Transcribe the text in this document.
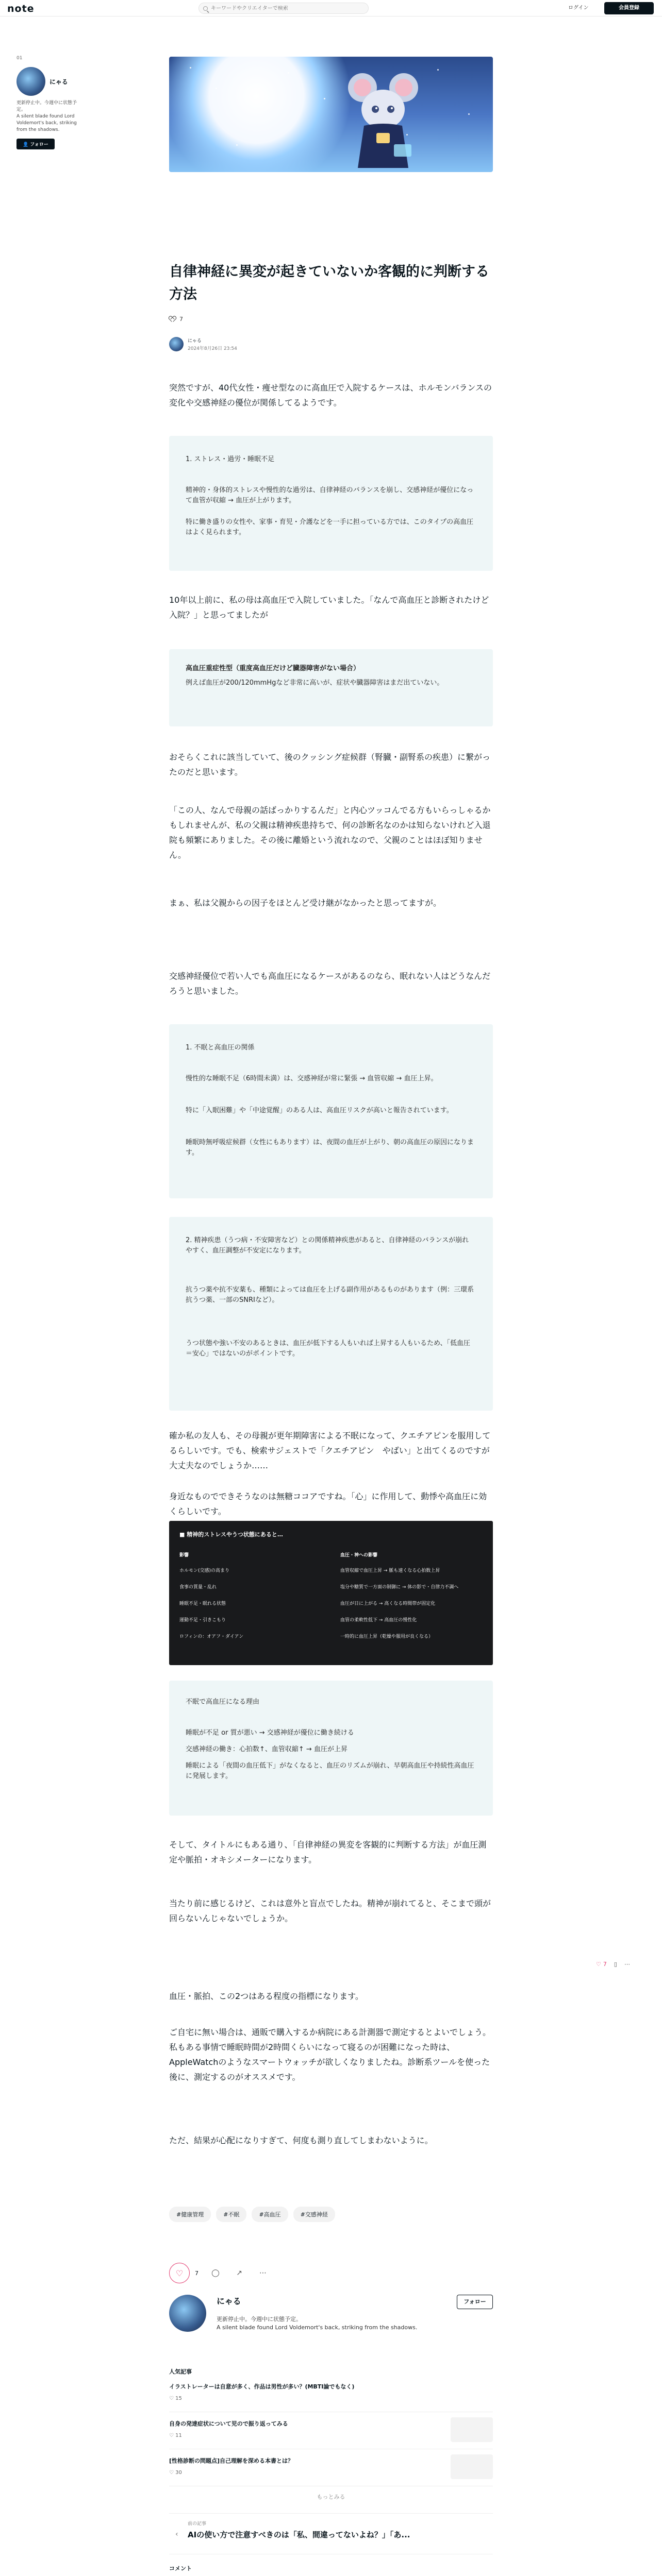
note
キーワードやクリエイターで検索	ログイン	会員登録
01
にゃる
更新停止中。今週中に状態予定。
A silent blade found Lord Voldemort's back, striking from the shadows.
👤 フォロー
自律神経に異変が起きていないか客観的に判断する方法
7
にゃる
2024年8月26日 23:54
突然ですが、40代女性・痩せ型なのに高血圧で入院するケースは、ホルモンバランスの変化や交感神経の優位が関係してるようです。
1. ストレス・過労・睡眠不足
精神的・身体的ストレスや慢性的な過労は、自律神経のバランスを崩し、交感神経が優位になって血管が収縮 → 血圧が上がります。
特に働き盛りの女性や、家事・育児・介護などを一手に担っている方では、このタイプの高血圧はよく見られます。
10年以上前に、私の母は高血圧で入院していました。「なんで高血圧と診断されたけど入院？」と思ってましたが
高血圧重症性型（重度高血圧だけど臓器障害がない場合）
例えば血圧が200/120mmHgなど非常に高いが、症状や臓器障害はまだ出ていない。
おそらくこれに該当していて、後のクッシング症候群（腎臓・副腎系の疾患）に繋がったのだと思います。
「この人、なんで母親の話ばっかりするんだ」と内心ツッコんでる方もいらっしゃるかもしれませんが、私の父親は精神疾患持ちで、何の診断名なのかは知らないけれど入退院も頻繁にありました。その後に離婚という流れなので、父親のことはほぼ知りません。
まぁ、私は父親からの因子をほとんど受け継がなかったと思ってますが。
交感神経優位で若い人でも高血圧になるケースがあるのなら、眠れない人はどうなんだろうと思いました。
1. 不眠と高血圧の関係
慢性的な睡眠不足（6時間未満）は、交感神経が常に緊張 → 血管収縮 → 血圧上昇。
特に「入眠困難」や「中途覚醒」のある人は、高血圧リスクが高いと報告されています。
睡眠時無呼吸症候群（女性にもあります）は、夜間の血圧が上がり、朝の高血圧の原因になります。
2. 精神疾患（うつ病・不安障害など）との関係精神疾患があると、自律神経のバランスが崩れやすく、血圧調整が不安定になります。
抗うつ薬や抗不安薬も、種類によっては血圧を上げる副作用があるものがあります（例：三環系抗うつ薬、一部のSNRIなど）。
うつ状態や強い不安のあるときは、血圧が低下する人もいれば上昇する人もいるため、「低血圧＝安心」ではないのがポイントです。
確か私の友人も、その母親が更年期障害による不眠になって、クエチアピンを服用してるらしいです。でも、検索サジェストで「クエチアピン　やばい」と出てくるのですが大丈夫なのでしょうか……
身近なものでできそうなのは無糖ココアですね。「心」に作用して、動悸や高血圧に効くらしいです。
■ 精神的ストレスやうつ状態にあると…
影響	血圧・神への影響
ホルモン(交感)の高まり	血管収縮で血圧上昇 → 脈も速くなる心拍数上昇
食事の質量・乱れ	塩分や糖質で一方面の制御に → 体の影で・自律力不調へ
睡眠不足・眠れる状態	血圧が日に上がる → 高くなる時間帯が固定化
運動不足・引きこもり	血管の柔軟性低下 → 高血圧の慢性化
ロフィンの：オアフ・ダイアン	一時的に血圧上昇（乾燥や服用が良くなる）
不眠で高血圧になる理由
睡眠が不足 or 質が悪い → 交感神経が優位に働き続ける
交感神経の働き：心拍数↑、血管収縮↑ → 血圧が上昇
睡眠による「夜間の血圧低下」がなくなると、血圧のリズムが崩れ、早朝高血圧や持続性高血圧に発展します。
そして、タイトルにもある通り、「自律神経の異変を客観的に判断する方法」が血圧測定や脈拍・オキシメーターになります。
当たり前に感じるけど、これは意外と盲点でしたね。精神が崩れてると、そこまで頭が回らないんじゃないでしょうか。
血圧・脈拍、この2つはある程度の指標になります。
ご自宅に無い場合は、通販で購入するか病院にある計測器で測定するとよいでしょう。私もある事情で睡眠時間が2時間くらいになって寝るのが困難になった時は、AppleWatchのようなスマートウォッチが欲しくなりましたね。診断系ツールを使った後に、測定するのがオススメです。
ただ、結果が心配になりすぎて、何度も測り直してしまわないように。
#健康管理	#不眠	#高血圧	#交感神経
♡	7	◯	↗	⋯
にゃる
更新停止中。今週中に状態予定。
A silent blade found Lord Voldemort's back, striking from the shadows.
フォロー
人気記事
イラストレーターは自意が多く、作品は男性が多い？(MBTI論でもなく)
♡ 15
自身の発達症状について児ので振り返ってみる
♡ 11
[性格診断の問題点]自己理解を深める本書とは？
♡ 30
もっとみる
‹
前の記事
AIの使い方で注意すべきのは「私、間違ってないよね？」「あ...
コメント
♡ 7 ▯ ⋯
